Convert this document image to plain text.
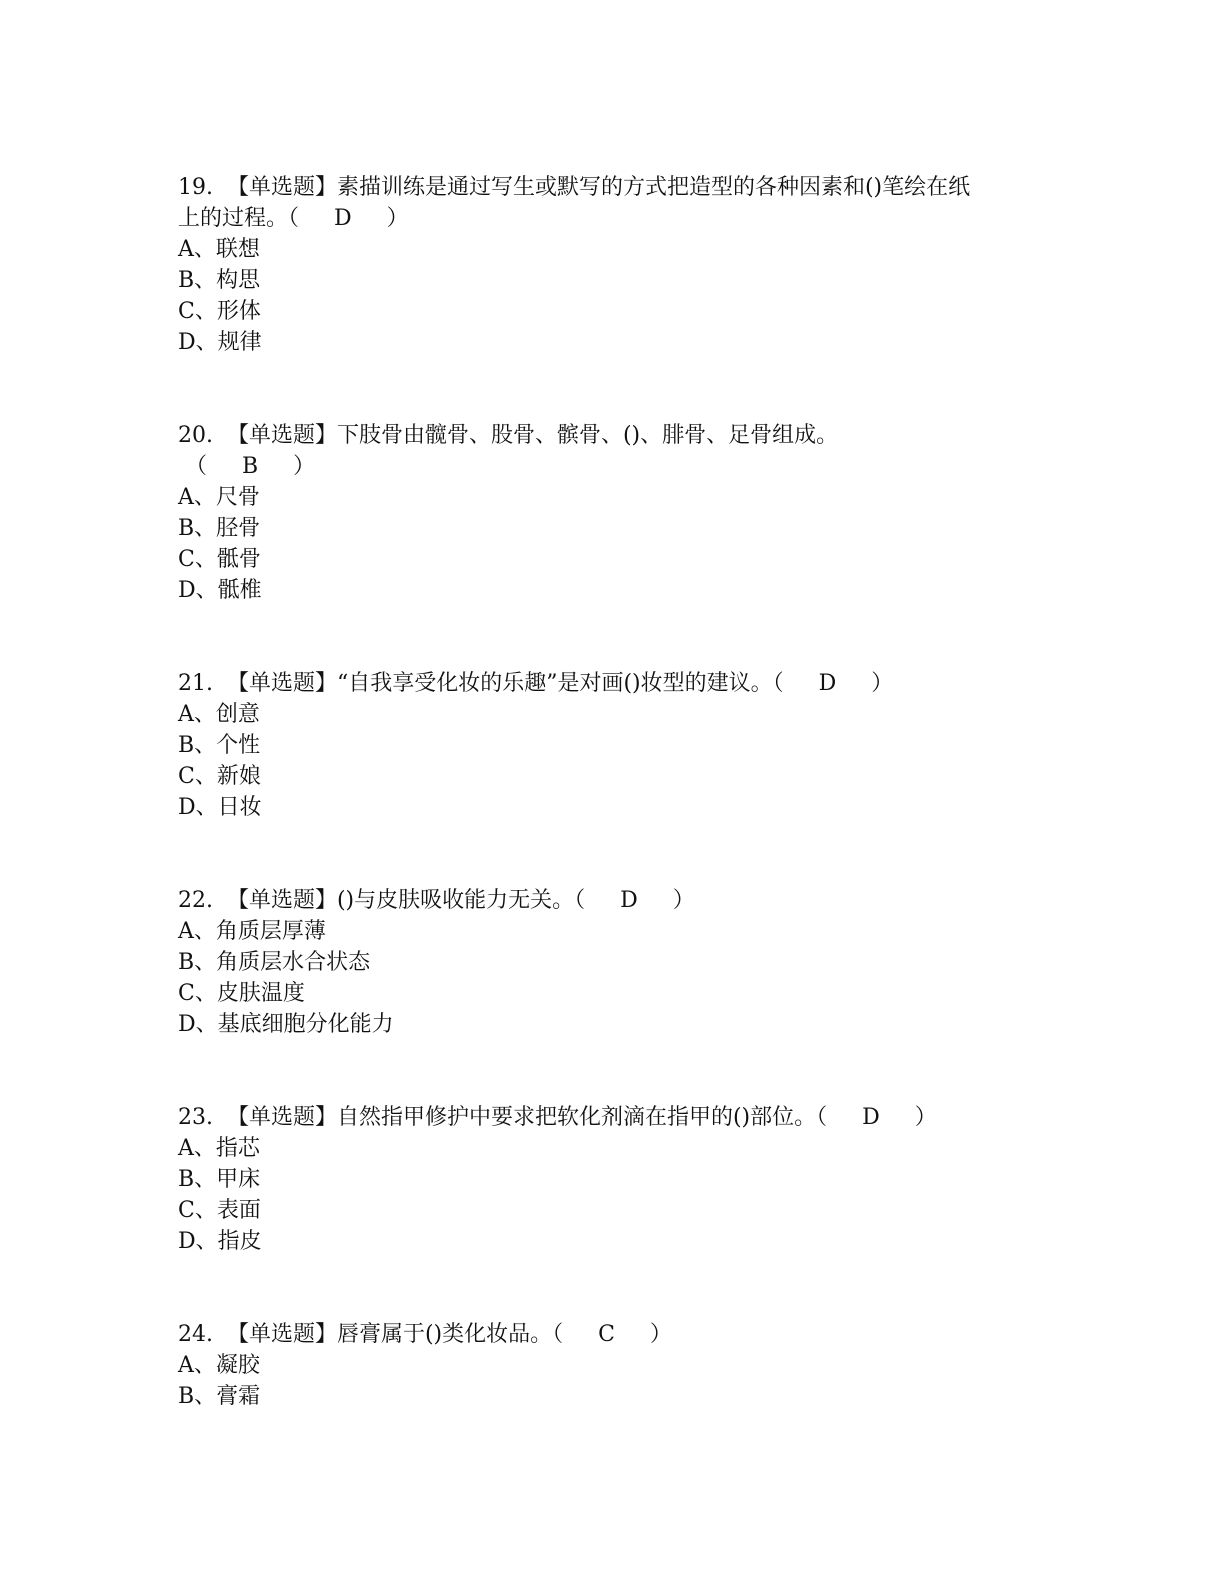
19.  【单选题】素描训练是通过写生或默写的方式把造型的各种因素和()笔绘在纸
上的过程。（     D     ）
A、联想
B、构思
C、形体
D、规律
20.  【单选题】下肢骨由髋骨、股骨、髌骨、()、腓骨、足骨组成。
（     B     ）
A、尺骨
B、胫骨
C、骶骨
D、骶椎
21.  【单选题】“自我享受化妆的乐趣”是对画()妆型的建议。（     D     ）
A、创意
B、个性
C、新娘
D、日妆
22.  【单选题】()与皮肤吸收能力无关。（     D     ）
A、角质层厚薄
B、角质层水合状态
C、皮肤温度
D、基底细胞分化能力
23.  【单选题】自然指甲修护中要求把软化剂滴在指甲的()部位。（     D     ）
A、指芯
B、甲床
C、表面
D、指皮
24.  【单选题】唇膏属于()类化妆品。（     C     ）
A、凝胶
B、膏霜
